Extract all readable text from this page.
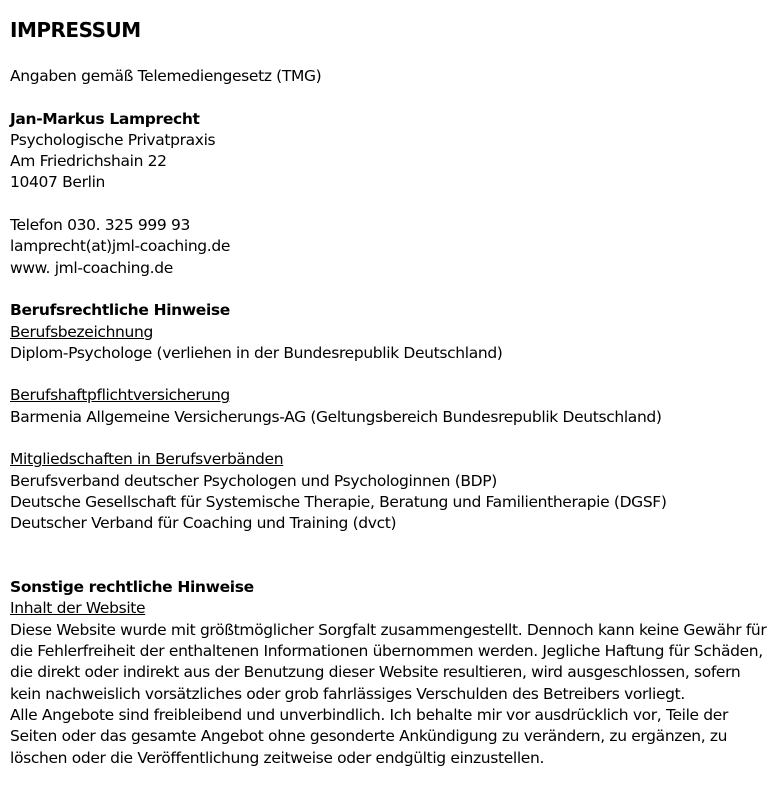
IMPRESSUM
Angaben gemäß Telemediengesetz (TMG)
Jan-Markus Lamprecht
Psychologische Privatpraxis
Am Friedrichshain 22
10407 Berlin
Telefon 030. 325 999 93
lamprecht(at)jml-coaching.de
www. jml-coaching.de
Berufsrechtliche Hinweise
Berufsbezeichnung
Diplom-Psychologe (verliehen in der Bundesrepublik Deutschland)
Berufshaftpflichtversicherung
Barmenia Allgemeine Versicherungs-AG (Geltungsbereich Bundesrepublik Deutschland)
Mitgliedschaften in Berufsverbänden
Berufsverband deutscher Psychologen und Psychologinnen (BDP)
Deutsche Gesellschaft für Systemische Therapie, Beratung und Familientherapie (DGSF)
Deutscher Verband für Coaching und Training (dvct)
Sonstige rechtliche Hinweise
Inhalt der Website
Diese Website wurde mit größtmöglicher Sorgfalt zusammengestellt. Dennoch kann keine Gewähr für die Fehlerfreiheit der enthaltenen Informationen übernommen werden. Jegliche Haftung für Schäden, die direkt oder indirekt aus der Benutzung dieser Website resultieren, wird ausgeschlossen, sofern kein nachweislich vorsätzliches oder grob fahrlässiges Verschulden des Betreibers vorliegt.
Alle Angebote sind freibleibend und unverbindlich. Ich behalte mir vor ausdrücklich vor, Teile der Seiten oder das gesamte Angebot ohne gesonderte Ankündigung zu verändern, zu ergänzen, zu löschen oder die Veröffentlichung zeitweise oder endgültig einzustellen.
